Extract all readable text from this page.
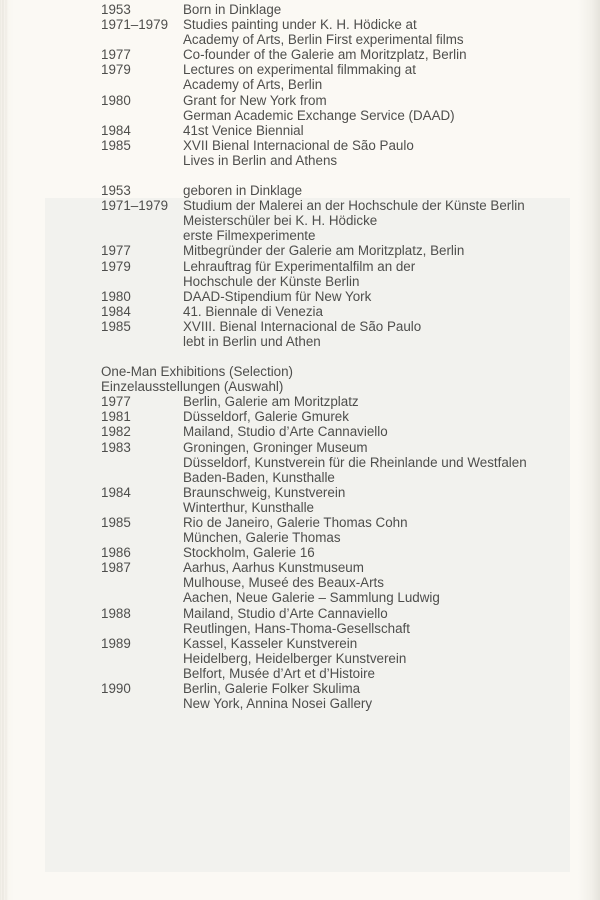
1953	Born in Dinklage
1971–1979	Studies painting under K. H. Hödicke at
Academy of Arts, Berlin First experimental films
1977	Co-founder of the Galerie am Moritzplatz, Berlin
1979	Lectures on experimental filmmaking at
Academy of Arts, Berlin
1980	Grant for New York from
German Academic Exchange Service (DAAD)
1984	41st Venice Biennial
1985	XVII Bienal Internacional de São Paulo
Lives in Berlin and Athens
1953	geboren in Dinklage
1971–1979	Studium der Malerei an der Hochschule der Künste Berlin
Meisterschüler bei K. H. Hödicke
erste Filmexperimente
1977	Mitbegründer der Galerie am Moritzplatz, Berlin
1979	Lehrauftrag für Experimentalfilm an der
Hochschule der Künste Berlin
1980	DAAD-Stipendium für New York
1984	41. Biennale di Venezia
1985	XVIII. Bienal Internacional de São Paulo
lebt in Berlin und Athen
One-Man Exhibitions (Selection)
Einzelausstellungen (Auswahl)
1977	Berlin, Galerie am Moritzplatz
1981	Düsseldorf, Galerie Gmurek
1982	Mailand, Studio d’Arte Cannaviello
1983	Groningen, Groninger Museum
Düsseldorf, Kunstverein für die Rheinlande und Westfalen
Baden-Baden, Kunsthalle
1984	Braunschweig, Kunstverein
Winterthur, Kunsthalle
1985	Rio de Janeiro, Galerie Thomas Cohn
München, Galerie Thomas
1986	Stockholm, Galerie 16
1987	Aarhus, Aarhus Kunstmuseum
Mulhouse, Museé des Beaux-Arts
Aachen, Neue Galerie – Sammlung Ludwig
1988	Mailand, Studio d’Arte Cannaviello
Reutlingen, Hans-Thoma-Gesellschaft
1989	Kassel, Kasseler Kunstverein
Heidelberg, Heidelberger Kunstverein
Belfort, Musée d’Art et d’Histoire
1990	Berlin, Galerie Folker Skulima
New York, Annina Nosei Gallery
